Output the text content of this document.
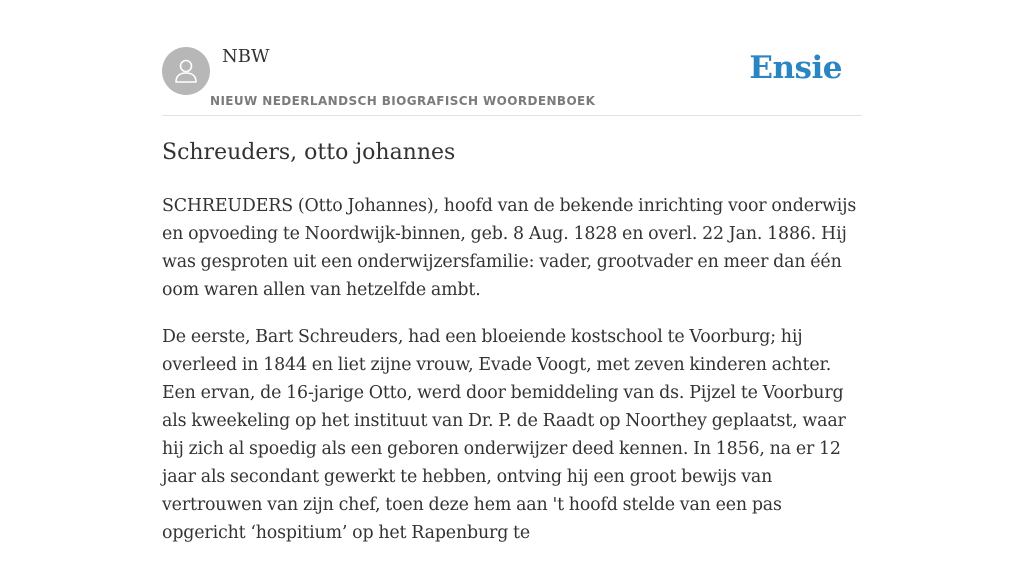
NBW
NIEUW NEDERLANDSCH BIOGRAFISCH WOORDENBOEK
Ensie
Schreuders, otto johannes

SCHREUDERS (Otto Johannes), hoofd van de bekende inrichting voor onderwijs en opvoeding te Noordwijk-binnen, geb. 8 Aug. 1828 en overl. 22 Jan. 1886. Hij was gesproten uit een onderwijzersfamilie: vader, grootvader en meer dan één oom waren allen van hetzelfde ambt.

De eerste, Bart Schreuders, had een bloeiende kostschool te Voorburg; hij overleed in 1844 en liet zijne vrouw, Evade Voogt, met zeven kinderen achter. Een ervan, de 16-jarige Otto, werd door bemiddeling van ds. Pijzel te Voorburg als kweekeling op het instituut van Dr. P. de Raadt op Noorthey geplaatst, waar hij zich al spoedig als een geboren onderwijzer deed kennen. In 1856, na er 12 jaar als secondant gewerkt te hebben, ontving hij een groot bewijs van vertrouwen van zijn chef, toen deze hem aan 't hoofd stelde van een pas opgericht ‘hospitium’ op het Rapenburg te
